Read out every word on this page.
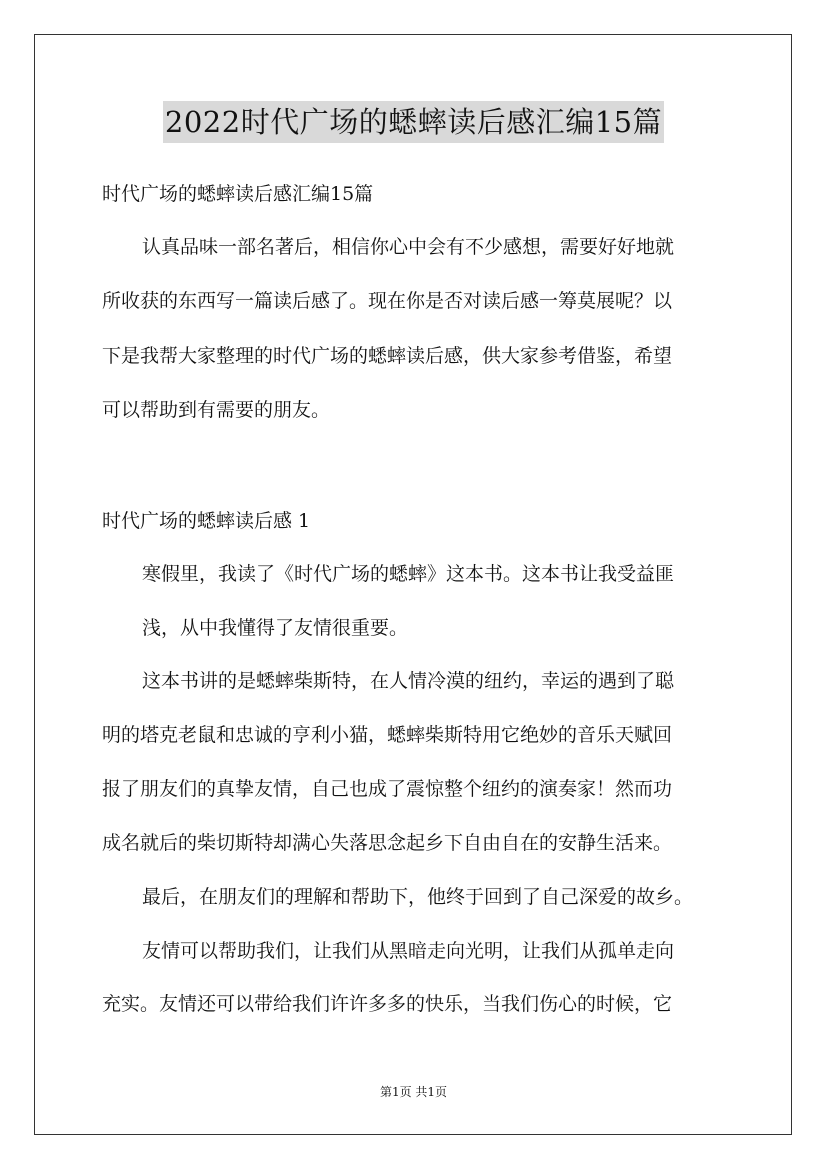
2022时代广场的蟋蟀读后感汇编15篇
时代广场的蟋蟀读后感汇编15篇
认真品味一部名著后，相信你心中会有不少感想，需要好好地就
所收获的东西写一篇读后感了。现在你是否对读后感一筹莫展呢？以
下是我帮大家整理的时代广场的蟋蟀读后感，供大家参考借鉴，希望
可以帮助到有需要的朋友。
时代广场的蟋蟀读后感 1
寒假里，我读了《时代广场的蟋蟀》这本书。这本书让我受益匪
浅，从中我懂得了友情很重要。
这本书讲的是蟋蟀柴斯特，在人情冷漠的纽约，幸运的遇到了聪
明的塔克老鼠和忠诚的亨利小猫，蟋蟀柴斯特用它绝妙的音乐天赋回
报了朋友们的真挚友情，自己也成了震惊整个纽约的演奏家！然而功
成名就后的柴切斯特却满心失落思念起乡下自由自在的安静生活来。
最后，在朋友们的理解和帮助下，他终于回到了自己深爱的故乡。
友情可以帮助我们，让我们从黑暗走向光明，让我们从孤单走向
充实。友情还可以带给我们许许多多的快乐，当我们伤心的时候，它
第1页 共1页
